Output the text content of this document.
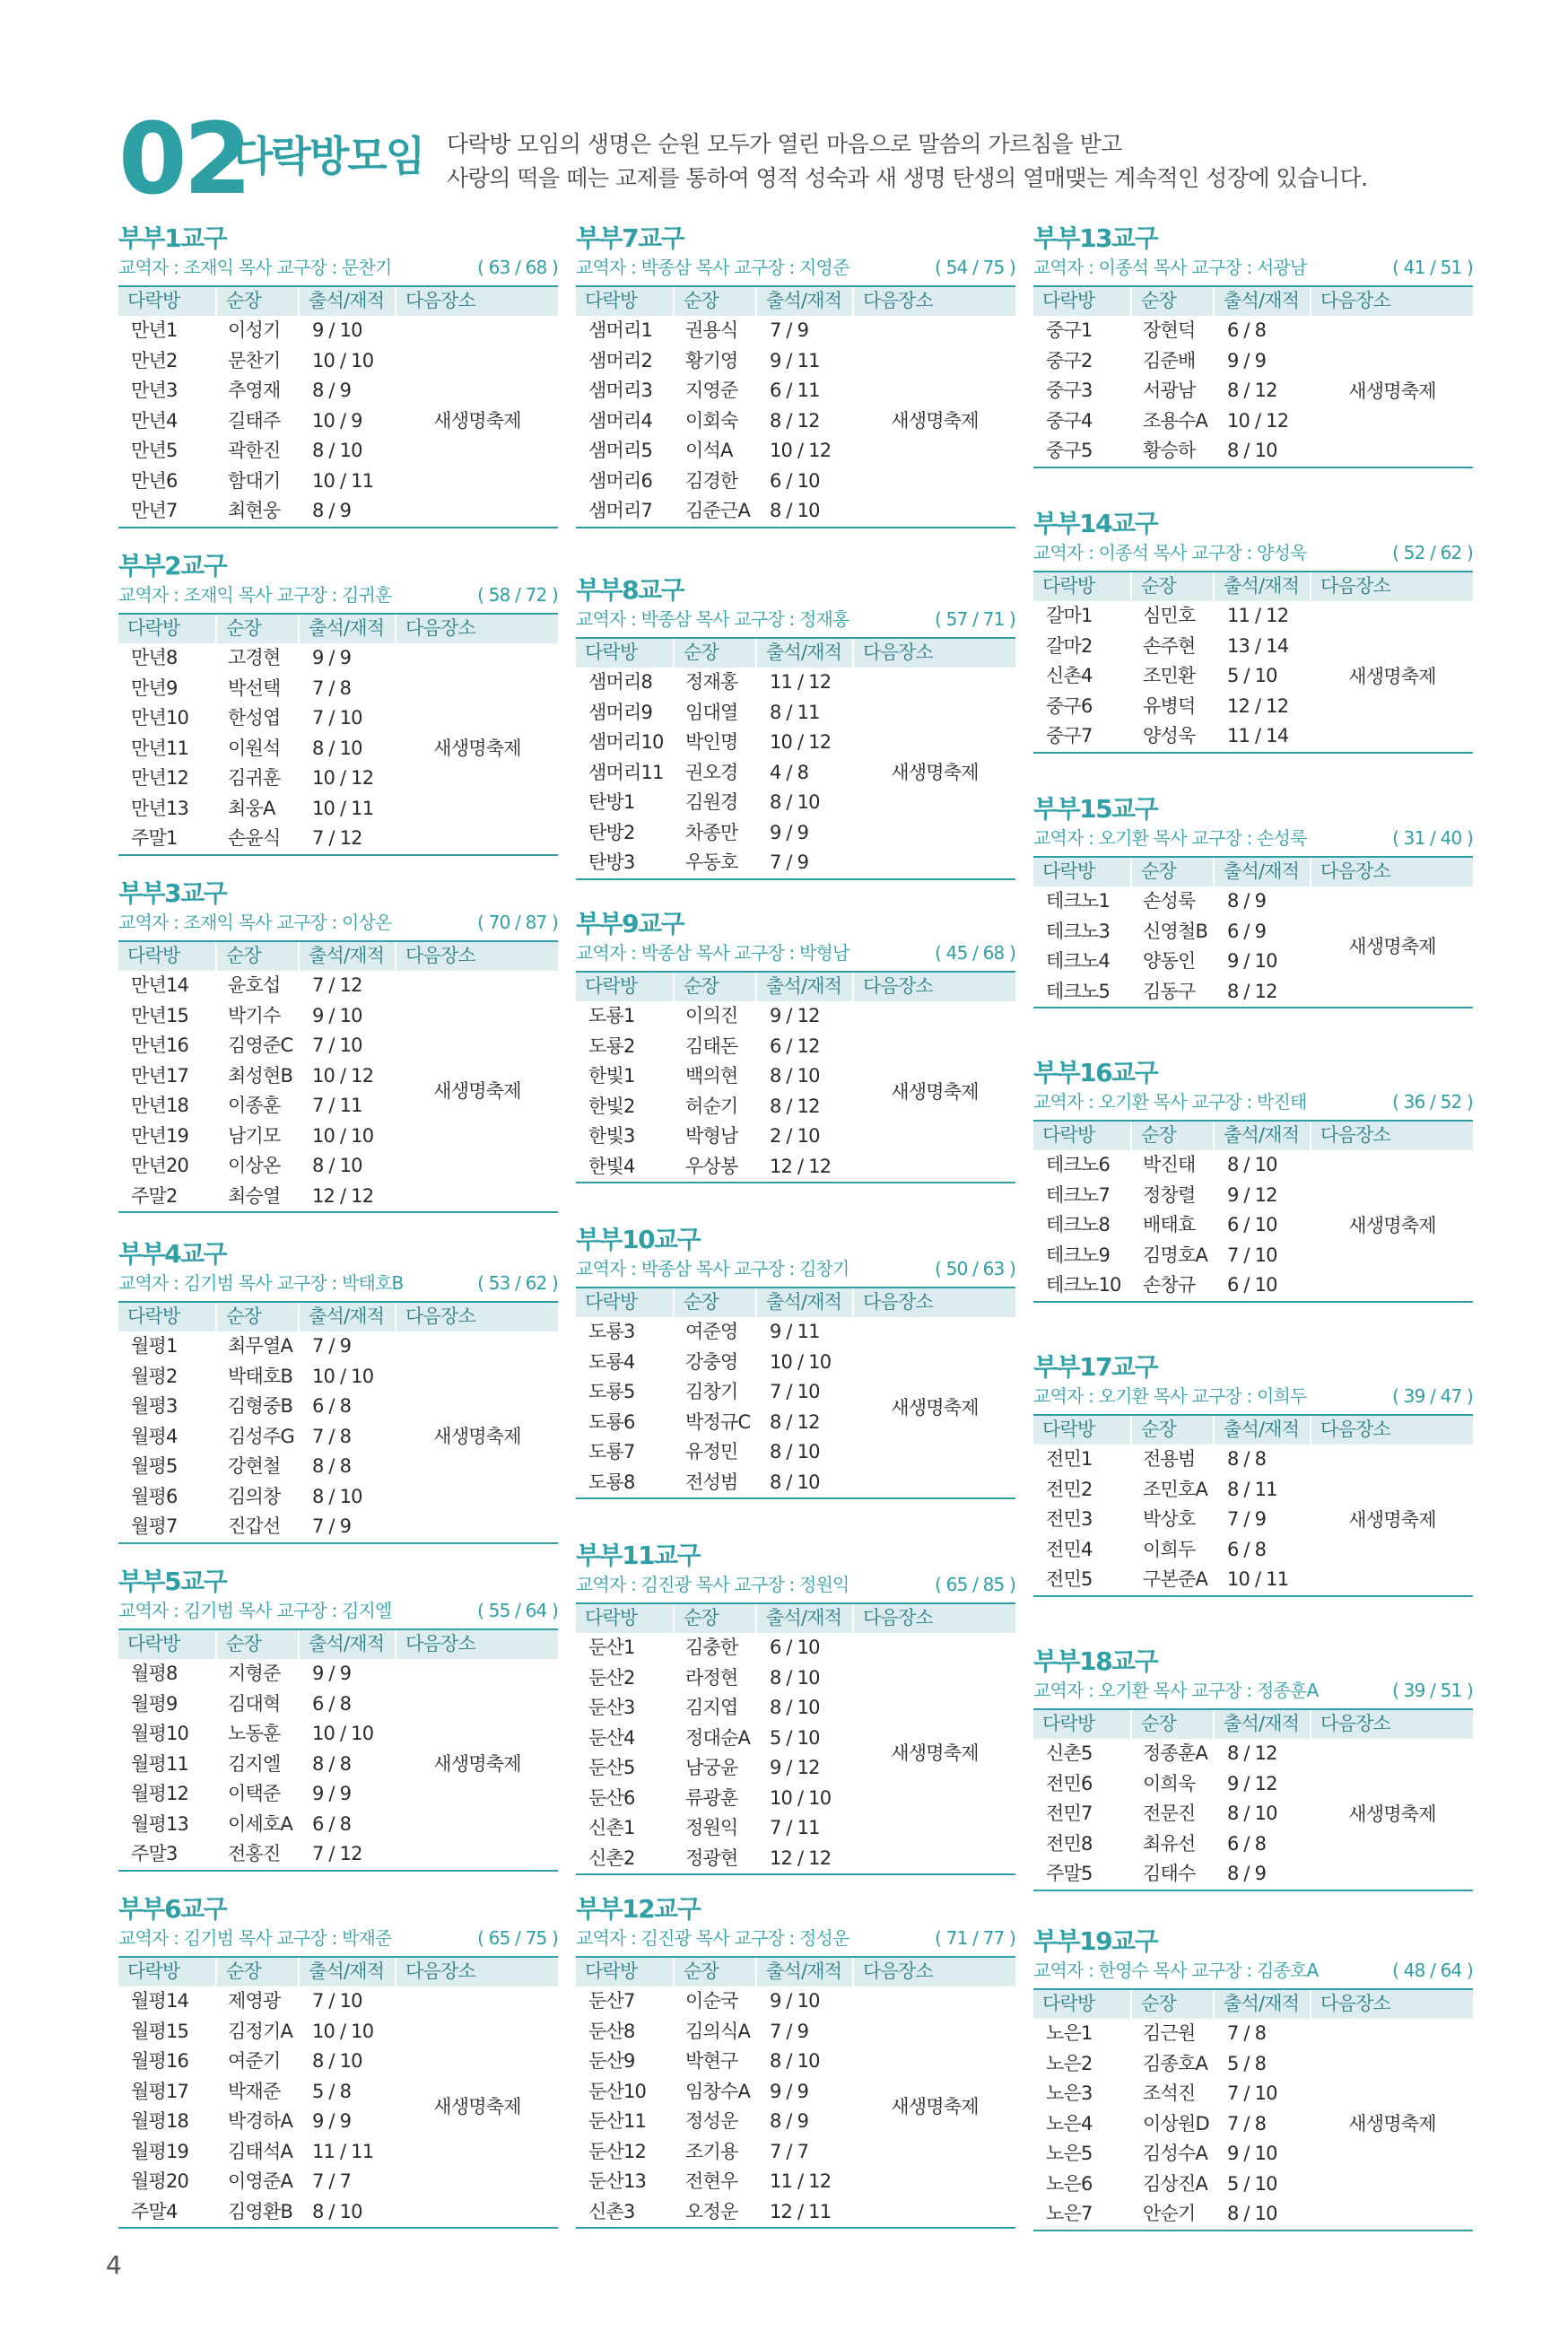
02
다락방모임 다락방 모임의 생명은 순원 모두가 열린 마음으로 말씀의 가르침을 받고
사랑의 떡을 떼는 교제를 통하여 영적 성숙과 새 생명 탄생의 열매맺는 계속적인 성장에 있습니다.
부부1교구
교역자 : 조재익 목사 교구장 : 문찬기	( 63 / 68 )
다락방	순장	출석/재적	다음장소
만년1	이성기	9 / 10
만년2	문찬기	10 / 10
만년3	추영재	8 / 9
만년4	길태주	10 / 9
만년5	곽한진	8 / 10
만년6	함대기	10 / 11
만년7	최현웅	8 / 9
새생명축제
부부2교구
교역자 : 조재익 목사 교구장 : 김귀훈	( 58 / 72 )
다락방	순장	출석/재적	다음장소
만년8	고경현	9 / 9
만년9	박선택	7 / 8
만년10	한성엽	7 / 10
만년11	이원석	8 / 10
만년12	김귀훈	10 / 12
만년13	최웅A	10 / 11
주말1	손윤식	7 / 12
새생명축제
부부3교구
교역자 : 조재익 목사 교구장 : 이상온	( 70 / 87 )
다락방	순장	출석/재적	다음장소
만년14	윤호섭	7 / 12
만년15	박기수	9 / 10
만년16	김영준C	7 / 10
만년17	최성현B	10 / 12
만년18	이종훈	7 / 11
만년19	남기모	10 / 10
만년20	이상온	8 / 10
주말2	최승열	12 / 12
새생명축제
부부4교구
교역자 : 김기범 목사 교구장 : 박태호B	( 53 / 62 )
다락방	순장	출석/재적	다음장소
월평1	최무열A	7 / 9
월평2	박태호B	10 / 10
월평3	김형중B	6 / 8
월평4	김성주G 7 / 8
월평5	강현철	8 / 8
월평6	김의창	8 / 10
월평7	진갑선	7 / 9
새생명축제
부부5교구
교역자 : 김기범 목사 교구장 : 김지엘	( 55 / 64 )
다락방	순장	출석/재적	다음장소
월평8	지형준	9 / 9
월평9	김대혁	6 / 8
월평10	노동훈	10 / 10
월평11	김지엘	8 / 8
월평12	이택준	9 / 9
월평13	이세호A	6 / 8
주말3	전홍진	7 / 12
새생명축제
부부6교구
교역자 : 김기범 목사 교구장 : 박재준	( 65 / 75 )
다락방	순장	출석/재적	다음장소
월평14	제영광	7 / 10
월평15	김정기A	10 / 10
월평16	여준기	8 / 10
월평17	박재준	5 / 8
월평18	박경하A	9 / 9
월평19	김태석A	11 / 11
월평20	이영준A	7 / 7
주말4	김영환B	8 / 10
새생명축제
부부7교구
교역자 : 박종삼 목사 교구장 : 지영준	( 54 / 75 )
다락방	순장	출석/재적	다음장소
샘머리1	권용식	7 / 9
샘머리2	황기영	9 / 11
샘머리3	지영준	6 / 11
샘머리4	이회숙	8 / 12
샘머리5	이석A	10 / 12
샘머리6	김경한	6 / 10
샘머리7	김준근A	8 / 10
새생명축제
부부8교구
교역자 : 박종삼 목사 교구장 : 정재홍	( 57 / 71 )
다락방	순장	출석/재적	다음장소
샘머리8	정재홍	11 / 12
샘머리9	임대열	8 / 11
샘머리10	박인명	10 / 12
샘머리11	권오경	4 / 8
탄방1	김원경	8 / 10
탄방2	차종만	9 / 9
탄방3	우동호	7 / 9
새생명축제
부부9교구
교역자 : 박종삼 목사 교구장 : 박형남	( 45 / 68 )
다락방	순장	출석/재적	다음장소
도룡1	이의진	9 / 12
도룡2	김태돈	6 / 12
한빛1	백의현	8 / 10
한빛2	허순기	8 / 12
한빛3	박형남	2 / 10
한빛4	우상봉	12 / 12
새생명축제
부부10교구
교역자 : 박종삼 목사 교구장 : 김창기	( 50 / 63 )
다락방	순장	출석/재적	다음장소
도룡3	여준영	9 / 11
도룡4	강충영	10 / 10
도룡5	김창기	7 / 10
도룡6	박정규C	8 / 12
도룡7	유정민	8 / 10
도룡8	전성범	8 / 10
새생명축제
부부11교구
교역자 : 김진광 목사 교구장 : 정원익	( 65 / 85 )
다락방	순장	출석/재적	다음장소
둔산1	김충한	6 / 10
둔산2	라정현	8 / 10
둔산3	김지엽	8 / 10
둔산4	정대순A	5 / 10
둔산5	남궁윤	9 / 12
둔산6	류광훈	10 / 10
신촌1	정원익	7 / 11
신촌2	정광현	12 / 12
새생명축제
부부12교구
교역자 : 김진광 목사 교구장 : 정성운	( 71 / 77 )
다락방	순장	출석/재적	다음장소
둔산7	이순국	9 / 10
둔산8	김의식A	7 / 9
둔산9	박현구	8 / 10
둔산10	임창수A	9 / 9
둔산11	정성운	8 / 9
둔산12	조기용	7 / 7
둔산13	전현우	11 / 12
신촌3	오정운	12 / 11
새생명축제
부부13교구
교역자 : 이종석 목사 교구장 : 서광남	( 41 / 51 )
다락방	순장	출석/재적	다음장소
중구1	장현덕	6 / 8
중구2	김준배	9 / 9
중구3	서광남	8 / 12
중구4	조용수A	10 / 12
중구5	황승하	8 / 10
새생명축제
부부14교구
교역자 : 이종석 목사 교구장 : 양성욱	( 52 / 62 )
다락방	순장	출석/재적	다음장소
갈마1	심민호	11 / 12
갈마2	손주현	13 / 14
신촌4	조민환	5 / 10
중구6	유병덕	12 / 12
중구7	양성욱	11 / 14
새생명축제
부부15교구
교역자 : 오기환 목사 교구장 : 손성룩	( 31 / 40 )
다락방	순장	출석/재적	다음장소
테크노1	손성룩	8 / 9
테크노3	신영철B	6 / 9
테크노4	양동인	9 / 10
테크노5	김동구	8 / 12
새생명축제
부부16교구
교역자 : 오기환 목사 교구장 : 박진태	( 36 / 52 )
다락방	순장	출석/재적	다음장소
테크노6	박진태	8 / 10
테크노7	정창렬	9 / 12
테크노8	배태효	6 / 10
테크노9	김명호A	7 / 10
테크노10	손창규	6 / 10
새생명축제
부부17교구
교역자 : 오기환 목사 교구장 : 이희두	( 39 / 47 )
다락방	순장	출석/재적	다음장소
전민1	전용범	8 / 8
전민2	조민호A	8 / 11
전민3	박상호	7 / 9
전민4	이희두	6 / 8
전민5	구본준A	10 / 11
새생명축제
부부18교구
교역자 : 오기환 목사 교구장 : 정종훈A	( 39 / 51 )
다락방	순장	출석/재적	다음장소
신촌5	정종훈A	8 / 12
전민6	이희욱	9 / 12
전민7	전문진	8 / 10
전민8	최유선	6 / 8
주말5	김태수	8 / 9
새생명축제
부부19교구
교역자 : 한영수 목사 교구장 : 김종호A	( 48 / 64 )
다락방	순장	출석/재적	다음장소
노은1	김근원	7 / 8
노은2	김종호A	5 / 8
노은3	조석진	7 / 10
노은4	이상원D 7 / 8
노은5	김성수A	9 / 10
노은6	김상진A	5 / 10
노은7	안순기	8 / 10
새생명축제
4
